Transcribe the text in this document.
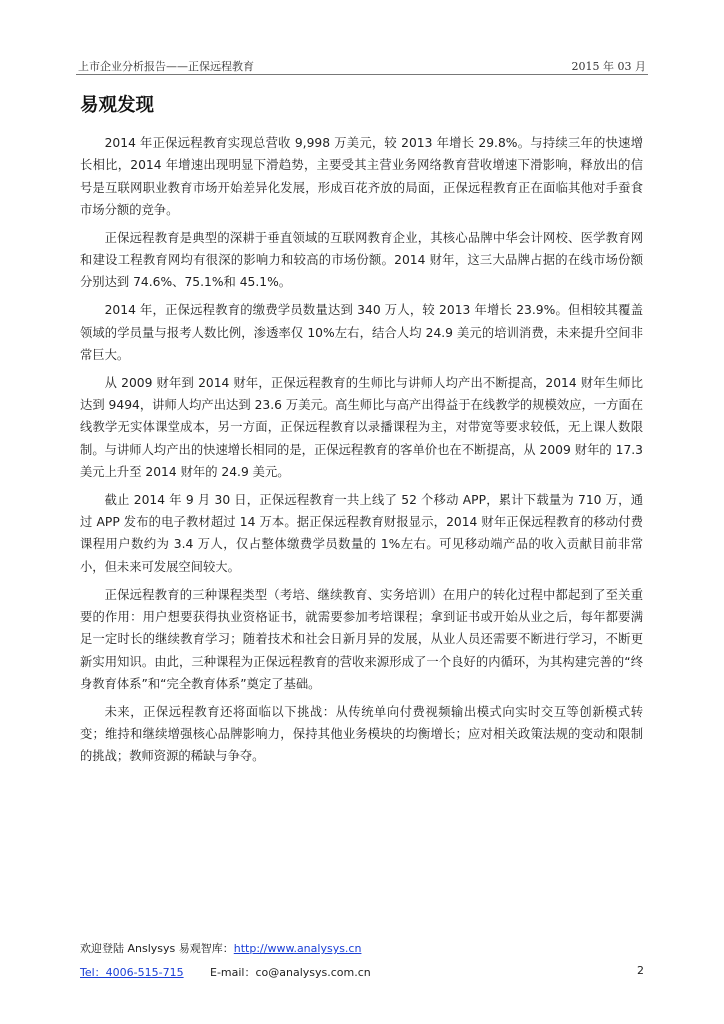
上市企业分析报告——正保远程教育	2015 年 03 月
易观发现

2014 年正保远程教育实现总营收 9,998 万美元，较 2013 年增长 29.8%。与持续三年的快速增长相比，2014 年增速出现明显下滑趋势，主要受其主营业务网络教育营收增速下滑影响，释放出的信号是互联网职业教育市场开始差异化发展，形成百花齐放的局面，正保远程教育正在面临其他对手蚕食市场分额的竞争。

正保远程教育是典型的深耕于垂直领域的互联网教育企业，其核心品牌中华会计网校、医学教育网和建设工程教育网均有很深的影响力和较高的市场份额。2014 财年，这三大品牌占据的在线市场份额分别达到 74.6%、75.1%和 45.1%。

2014 年，正保远程教育的缴费学员数量达到 340 万人，较 2013 年增长 23.9%。但相较其覆盖领域的学员量与报考人数比例，渗透率仅 10%左右，结合人均 24.9 美元的培训消费，未来提升空间非常巨大。

从 2009 财年到 2014 财年，正保远程教育的生师比与讲师人均产出不断提高，2014 财年生师比达到 9494，讲师人均产出达到 23.6 万美元。高生师比与高产出得益于在线教学的规模效应，一方面在线教学无实体课堂成本，另一方面，正保远程教育以录播课程为主，对带宽等要求较低，无上课人数限制。与讲师人均产出的快速增长相同的是，正保远程教育的客单价也在不断提高，从 2009 财年的 17.3 美元上升至 2014 财年的 24.9 美元。

截止 2014 年 9 月 30 日，正保远程教育一共上线了 52 个移动 APP，累计下载量为 710 万，通过 APP 发布的电子教材超过 14 万本。据正保远程教育财报显示，2014 财年正保远程教育的移动付费课程用户数约为 3.4 万人，仅占整体缴费学员数量的 1%左右。可见移动端产品的收入贡献目前非常小，但未来可发展空间较大。

正保远程教育的三种课程类型（考培、继续教育、实务培训）在用户的转化过程中都起到了至关重要的作用：用户想要获得执业资格证书，就需要参加考培课程；拿到证书或开始从业之后，每年都要满足一定时长的继续教育学习；随着技术和社会日新月异的发展，从业人员还需要不断进行学习，不断更新实用知识。由此，三种课程为正保远程教育的营收来源形成了一个良好的内循环，为其构建完善的“终身教育体系”和“完全教育体系”奠定了基础。

未来，正保远程教育还将面临以下挑战：从传统单向付费视频输出模式向实时交互等创新模式转变；维持和继续增强核心品牌影响力，保持其他业务模块的均衡增长；应对相关政策法规的变动和限制的挑战；教师资源的稀缺与争夺。

欢迎登陆 Anslysys 易观智库：http://www.analysys.cn
Tel：4006-515-715 E-mail：co@analysys.com.cn	2
